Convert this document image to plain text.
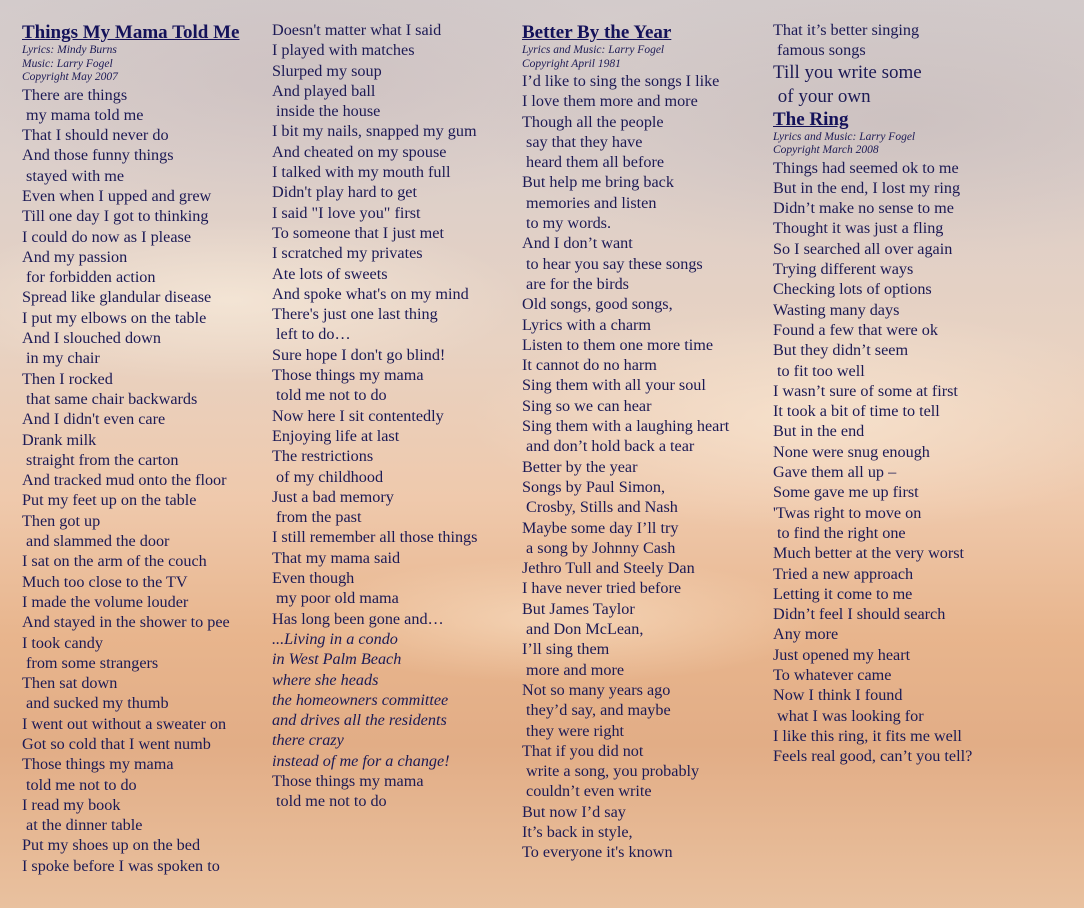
Things My Mama Told Me
Lyrics: Mindy Burns
Music: Larry Fogel
Copyright May 2007
There are things
my mama told me
That I should never do
And those funny things
stayed with me
Even when I upped and grew
Till one day I got to thinking
I could do now as I please
And my passion
for forbidden action
Spread like glandular disease
I put my elbows on the table
And I slouched down
in my chair
Then I rocked
that same chair backwards
And I didn't even care
Drank milk
straight from the carton
And tracked mud onto the floor
Put my feet up on the table
Then got up
and slammed the door
I sat on the arm of the couch
Much too close to the TV
I made the volume louder
And stayed in the shower to pee
I took candy
from some strangers
Then sat down
and sucked my thumb
I went out without a sweater on
Got so cold that I went numb
Those things my mama
told me not to do
I read my book
at the dinner table
Put my shoes up on the bed
I spoke before I was spoken to
Doesn't matter what I said
I played with matches
Slurped my soup
And played ball
inside the house
I bit my nails, snapped my gum
And cheated on my spouse
I talked with my mouth full
Didn't play hard to get
I said "I love you" first
To someone that I just met
I scratched my privates
Ate lots of sweets
And spoke what's on my mind
There's just one last thing
left to do…
Sure hope I don't go blind!
Those things my mama
told me not to do
Now here I sit contentedly
Enjoying life at last
The restrictions
of my childhood
Just a bad memory
from the past
I still remember all those things
That my mama said
Even though
my poor old mama
Has long been gone and…
...Living in a condo
in West Palm Beach
where she heads
the homeowners committee
and drives all the residents
there crazy
instead of me for a change!
Those things my mama
told me not to do
Better By the Year
Lyrics and Music: Larry Fogel
Copyright April 1981
I’d like to sing the songs I like
I love them more and more
Though all the people
say that they have
heard them all before
But help me bring back
memories and listen
to my words.
And I don’t want
to hear you say these songs
are for the birds
Old songs, good songs,
Lyrics with a charm
Listen to them one more time
It cannot do no harm
Sing them with all your soul
Sing so we can hear
Sing them with a laughing heart
and don’t hold back a tear
Better by the year
Songs by Paul Simon,
Crosby, Stills and Nash
Maybe some day I’ll try
a song by Johnny Cash
Jethro Tull and Steely Dan
I have never tried before
But James Taylor
and Don McLean,
I’ll sing them
more and more
Not so many years ago
they’d say, and maybe
they were right
That if you did not
write a song, you probably
couldn’t even write
But now I’d say
It’s back in style,
To everyone it's known
That it’s better singing
famous songs
Till you write some
of your own
The Ring
Lyrics and Music: Larry Fogel
Copyright March 2008
Things had seemed ok to me
But in the end, I lost my ring
Didn’t make no sense to me
Thought it was just a fling
So I searched all over again
Trying different ways
Checking lots of options
Wasting many days
Found a few that were ok
But they didn’t seem
to fit too well
I wasn’t sure of some at first
It took a bit of time to tell
But in the end
None were snug enough
Gave them all up –
Some gave me up first
'Twas right to move on
to find the right one
Much better at the very worst
Tried a new approach
Letting it come to me
Didn’t feel I should search
Any more
Just opened my heart
To whatever came
Now I think I found
what I was looking for
I like this ring, it fits me well
Feels real good, can’t you tell?
